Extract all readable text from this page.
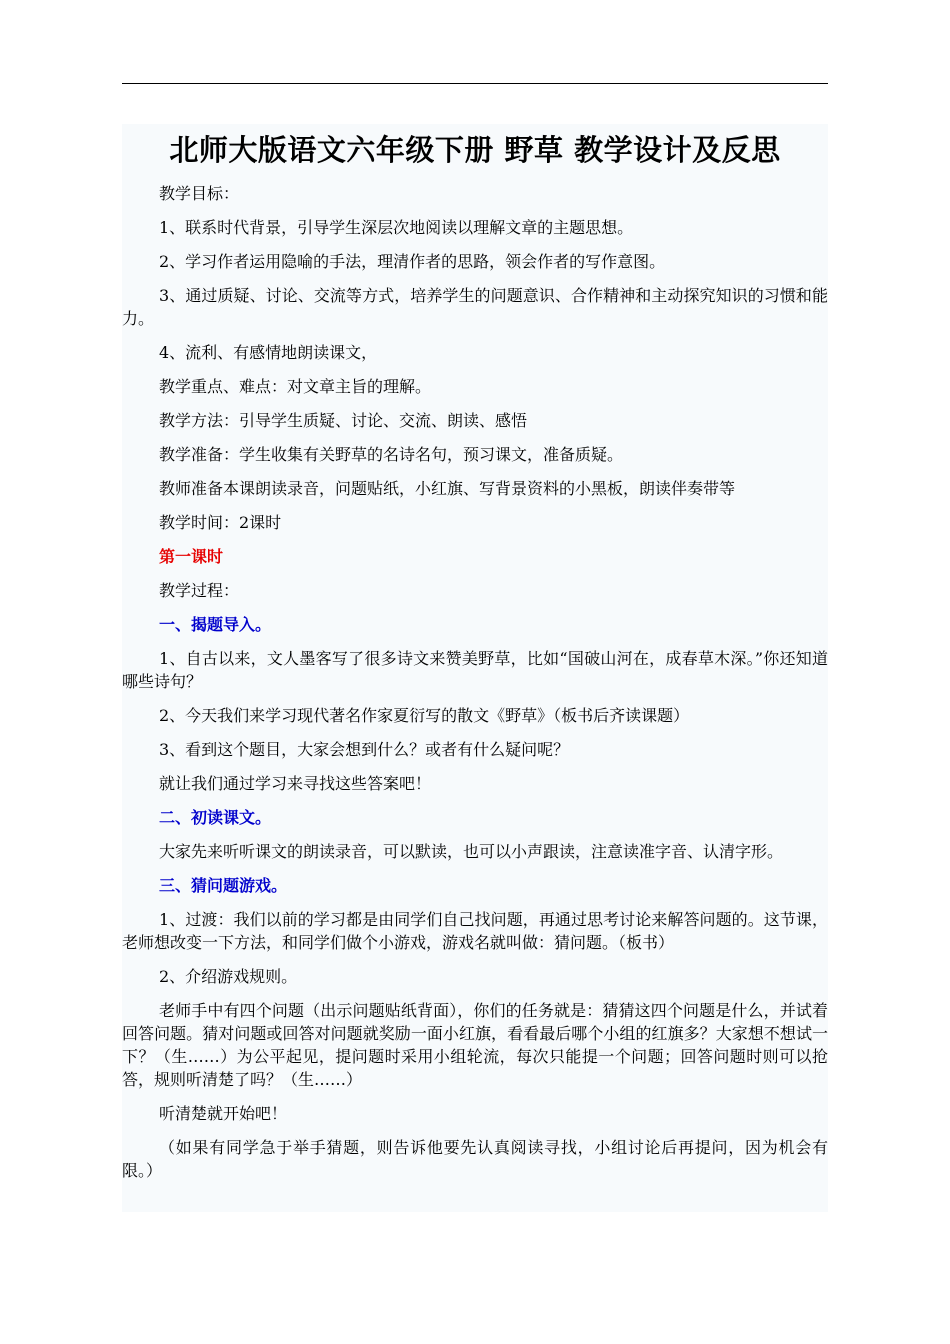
北师大版语文六年级下册 野草 教学设计及反思

教学目标：

1、联系时代背景，引导学生深层次地阅读以理解文章的主题思想。

2、学习作者运用隐喻的手法，理清作者的思路，领会作者的写作意图。

3、通过质疑、讨论、交流等方式，培养学生的问题意识、合作精神和主动探究知识的习惯和能力。

4、流利、有感情地朗读课文，

教学重点、难点：对文章主旨的理解。

教学方法：引导学生质疑、讨论、交流、朗读、感悟

教学准备：学生收集有关野草的名诗名句，预习课文，准备质疑。

教师准备本课朗读录音，问题贴纸，小红旗、写背景资料的小黑板，朗读伴奏带等

教学时间：2课时

第一课时

教学过程：

一、揭题导入。

1、自古以来，文人墨客写了很多诗文来赞美野草，比如“国破山河在，成春草木深。”你还知道哪些诗句？

2、今天我们来学习现代著名作家夏衍写的散文《野草》（板书后齐读课题）

3、看到这个题目，大家会想到什么？或者有什么疑问呢？

就让我们通过学习来寻找这些答案吧！

二、初读课文。

大家先来听听课文的朗读录音，可以默读，也可以小声跟读，注意读准字音、认清字形。

三、猜问题游戏。

1、过渡：我们以前的学习都是由同学们自己找问题，再通过思考讨论来解答问题的。这节课，老师想改变一下方法，和同学们做个小游戏，游戏名就叫做：猜问题。（板书）

2、介绍游戏规则。

老师手中有四个问题（出示问题贴纸背面），你们的任务就是：猜猜这四个问题是什么，并试着回答问题。猜对问题或回答对问题就奖励一面小红旗，看看最后哪个小组的红旗多？大家想不想试一下？（生……）为公平起见，提问题时采用小组轮流，每次只能提一个问题；回答问题时则可以抢答，规则听清楚了吗？（生……）

听清楚就开始吧！

（如果有同学急于举手猜题，则告诉他要先认真阅读寻找，小组讨论后再提问，因为机会有限。）
